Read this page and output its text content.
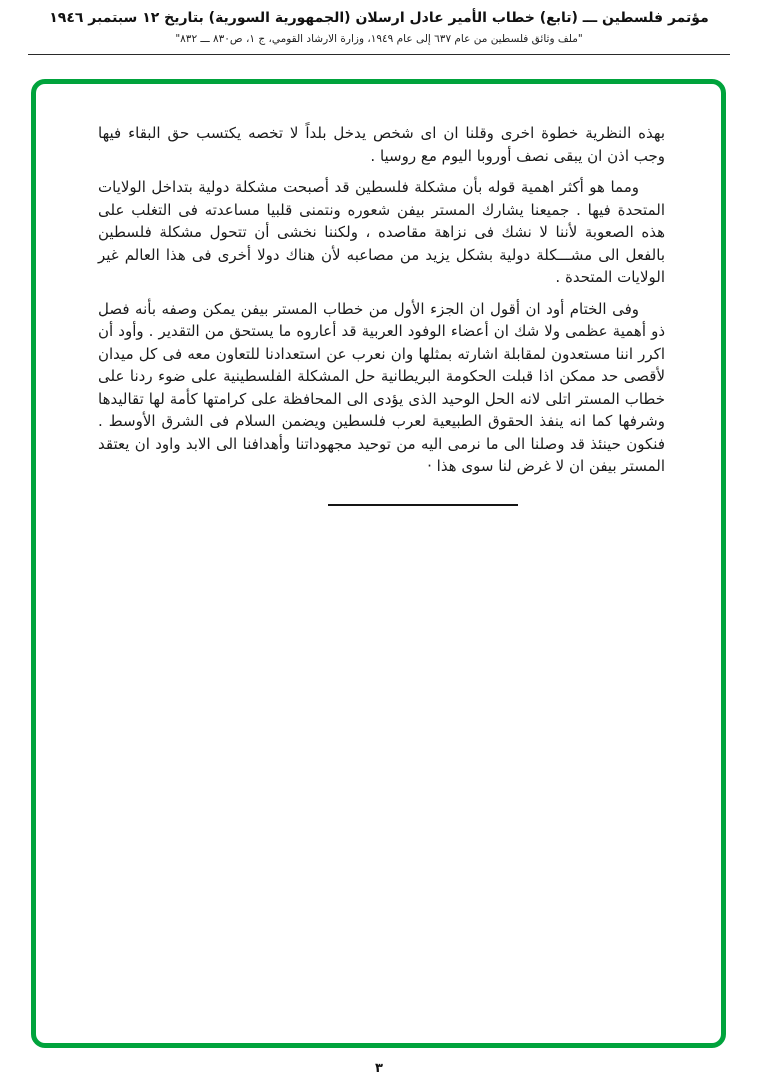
مؤتمر فلسطين ـــ (تابع) خطاب الأمير عادل ارسلان (الجمهورية السورية) بتاريخ ١٢ سبتمبر ١٩٤٦
"ملف وثائق فلسطين من عام ٦٣٧ إلى عام ١٩٤٩، وزارة الارشاد القومي، ج ١، ص٨٣٠ ـــ ٨٣٢"

بهذه النظرية خطوة اخرى وقلنا ان اى شخص يدخل بلداً لا تخصه يكتسب حق البقاء فيها وجب اذن ان يبقى نصف أوروبا اليوم مع روسيا .

ومما هو أكثر اهمية قوله بأن مشكلة فلسطين قد أصبحت مشكلة دولية بتداخل الولايات المتحدة فيها . جميعنا يشارك المستر بيفن شعوره ونتمنى قلبيا مساعدته فى التغلب على هذه الصعوبة لأننا لا نشك فى نزاهة مقاصده ، ولكننا نخشى أن تتحول مشكلة فلسطين بالفعل الى مشـــكلة دولية بشكل يزيد من مصاعبه لأن هناك دولا أخرى فى هذا العالم غير الولايات المتحدة .

وفى الختام أود ان أقول ان الجزء الأول من خطاب المستر بيفن يمكن وصفه بأنه فصل ذو أهمية عظمى ولا شك ان أعضاء الوفود العربية قد أعاروه ما يستحق من التقدير . وأود أن اكرر اننا مستعدون لمقابلة اشارته بمثلها وان نعرب عن استعدادنا للتعاون معه فى كل ميدان لأقصى حد ممكن اذا قبلت الحكومة البريطانية حل المشكلة الفلسطينية على ضوء ردنا على خطاب المستر اتلى لانه الحل الوحيد الذى يؤدى الى المحافظة على كرامتها كأمة لها تقاليدها وشرفها كما انه ينفذ الحقوق الطبيعية لعرب فلسطين ويضمن السلام فى الشرق الأوسط . فنكون حينئذ قد وصلنا الى ما نرمى اليه من توحيد مجهوداتنا وأهدافنا الى الابد واود ان يعتقد المستر بيفن ان لا غرض لنا سوى هذا ·

٣
